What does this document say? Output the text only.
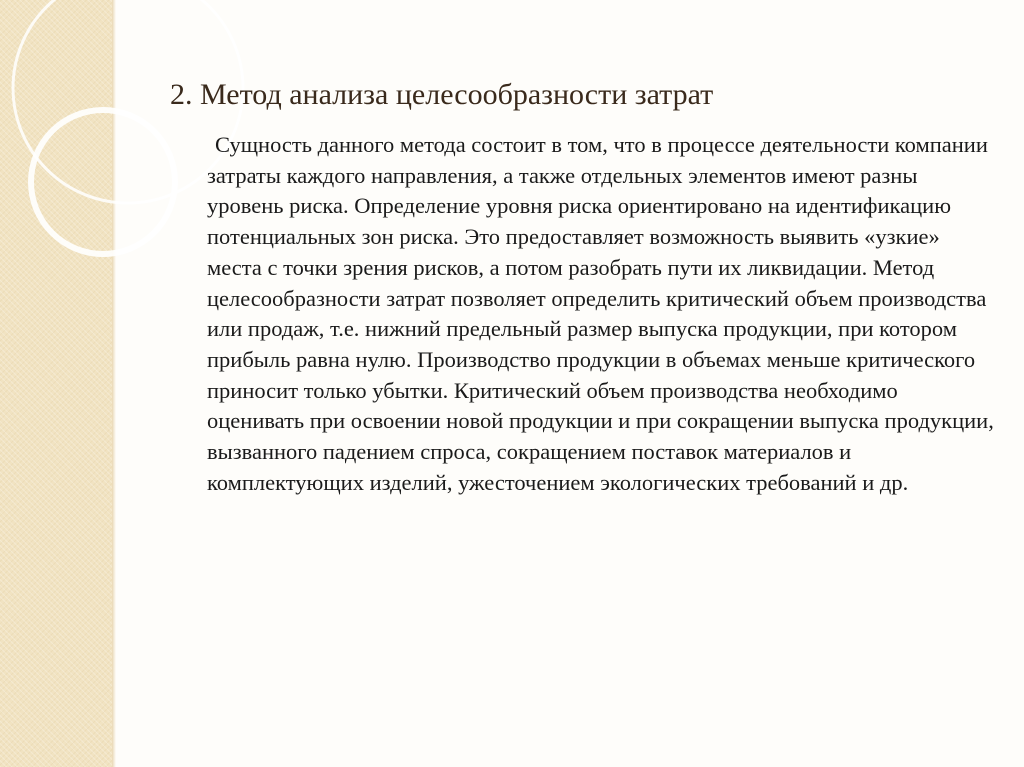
2. Метод анализа целесообразности затрат

Сущность данного метода состоит в том, что в процессе деятельности компании затраты каждого направления, а также отдельных элементов имеют разны уровень риска. Определение уровня риска ориентировано на идентификацию потенциальных зон риска. Это предоставляет возможность выявить «узкие» места с точки зрения рисков, а потом разобрать пути их ликвидации. Метод целесообразности затрат позволяет определить критический объем производства или продаж, т.е. нижний предельный размер выпуска продукции, при котором прибыль равна нулю. Производство продукции в объемах меньше критического приносит только убытки. Критический объем производства необходимо оценивать при освоении новой продукции и при сокращении выпуска продукции, вызванного падением спроса, сокращением поставок материалов и комплектующих изделий, ужесточением экологических требований и др.
